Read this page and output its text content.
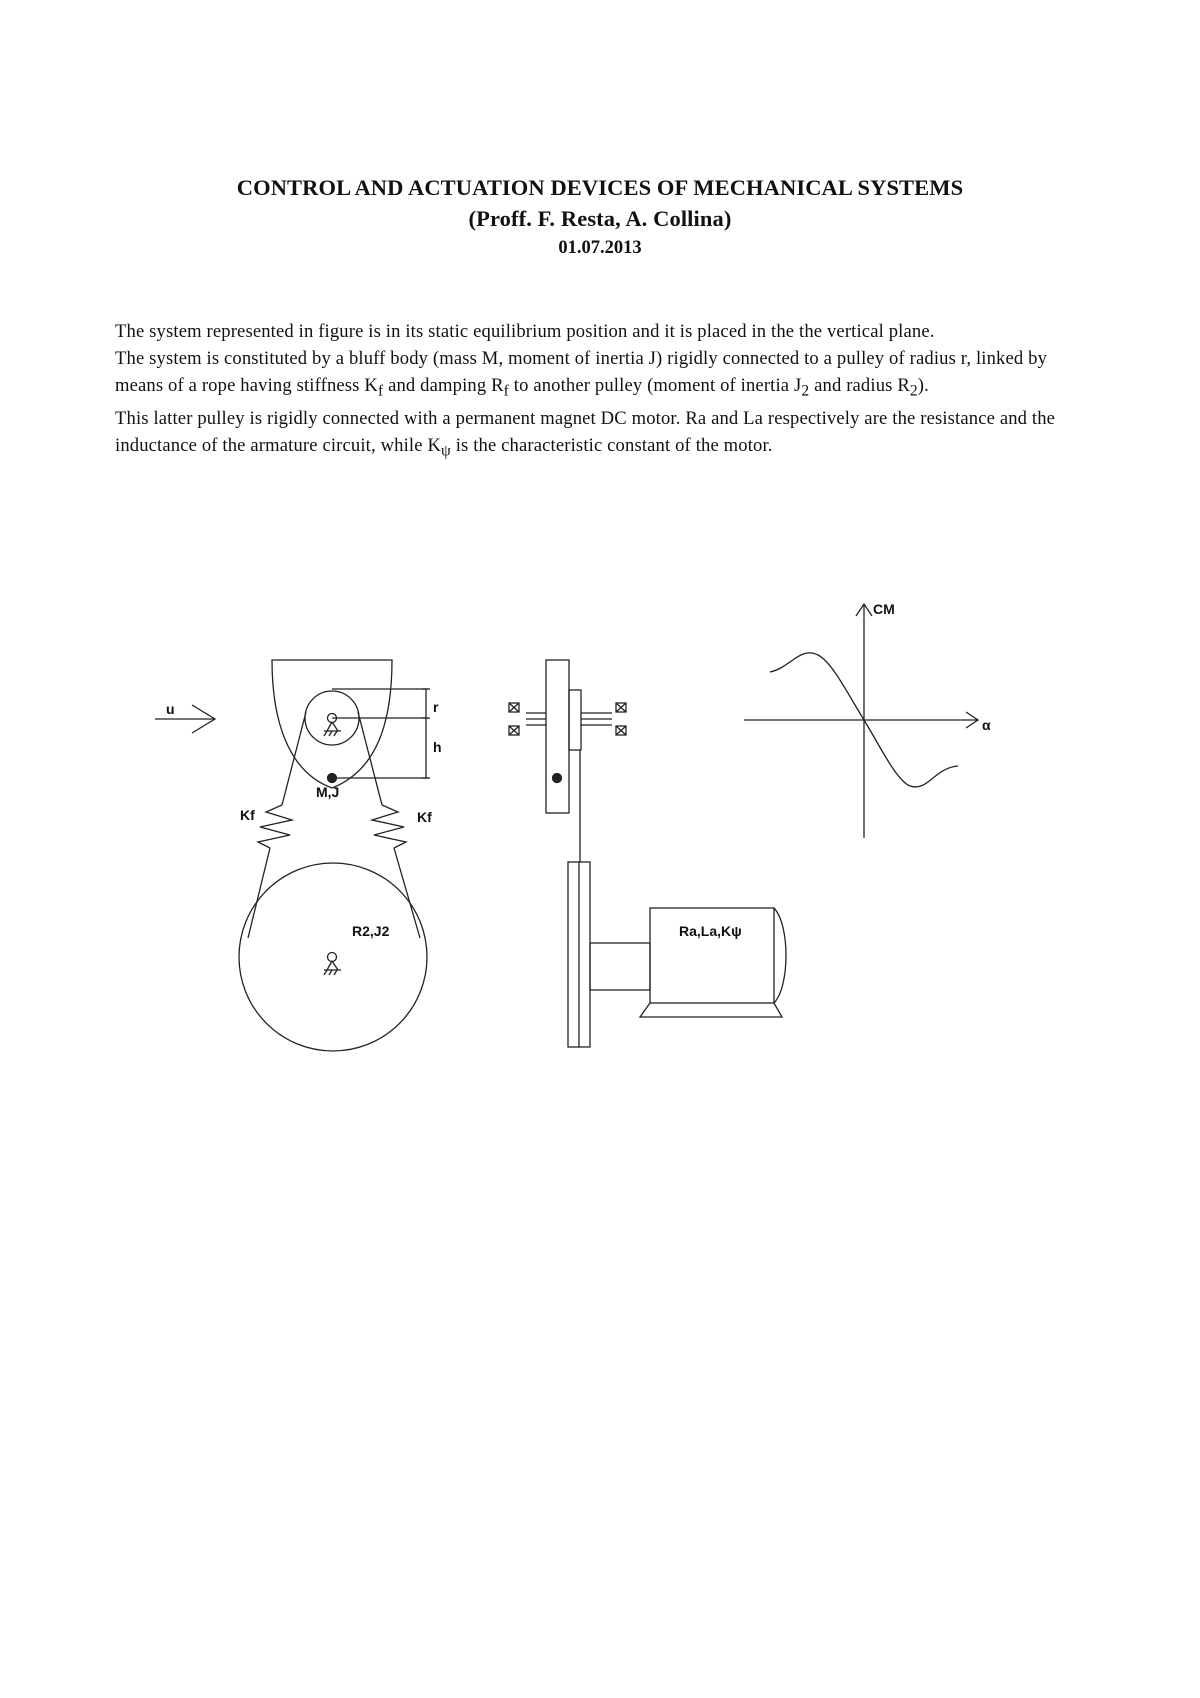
CONTROL AND ACTUATION DEVICES OF MECHANICAL SYSTEMS
(Proff. F. Resta, A. Collina)
01.07.2013

The system represented in figure is in its static equilibrium position and it is placed in the the vertical plane.

The system is constituted by a bluff body (mass M, moment of inertia J) rigidly connected to a pulley of radius r, linked by means of a rope having stiffness $K_f$ and damping $R_f$ to another pulley (moment of inertia $J_2$ and radius $R_2$).

This latter pulley is rigidly connected with a permanent magnet DC motor. Ra and La respectively are the resistance and the inductance of the armature circuit, while $K_\psi$ is the characteristic constant of the motor.

u	r
h
M,J
Kf	Kf
R2,J2	Ra,La,Kψ
CM
α
